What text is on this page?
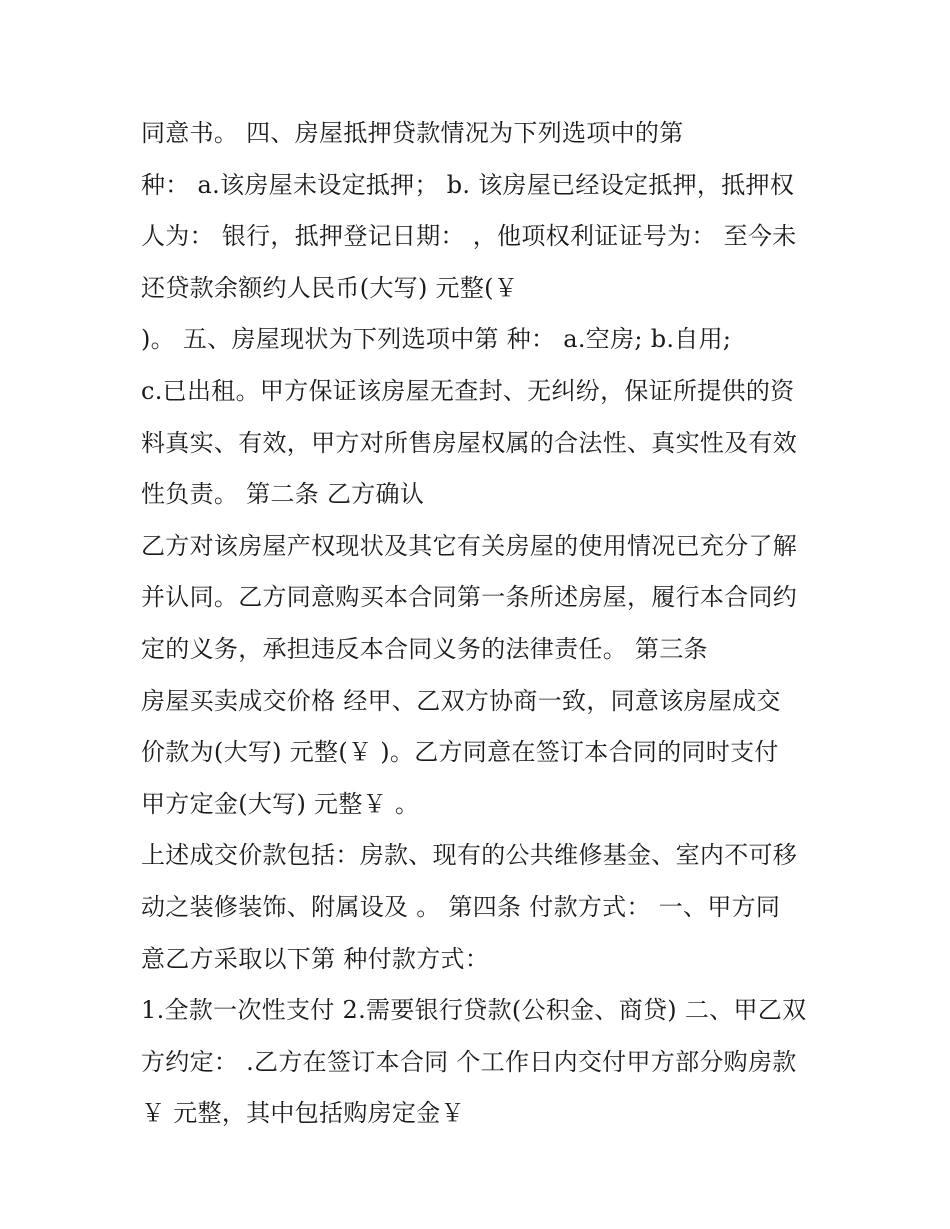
同意书。 四、房屋抵押贷款情况为下列选项中的第
种： a.该房屋未设定抵押； b. 该房屋已经设定抵押，抵押权
人为： 银行，抵押登记日期： ，他项权利证证号为： 至今未
还贷款余额约人民币(大写) 元整(￥
)。 五、房屋现状为下列选项中第 种： a.空房; b.自用;
c.已出租。甲方保证该房屋无查封、无纠纷，保证所提供的资
料真实、有效，甲方对所售房屋权属的合法性、真实性及有效
性负责。 第二条 乙方确认
乙方对该房屋产权现状及其它有关房屋的使用情况已充分了解
并认同。乙方同意购买本合同第一条所述房屋，履行本合同约
定的义务，承担违反本合同义务的法律责任。 第三条
房屋买卖成交价格 经甲、乙双方协商一致，同意该房屋成交
价款为(大写) 元整(￥ )。乙方同意在签订本合同的同时支付
甲方定金(大写) 元整￥ 。
上述成交价款包括：房款、现有的公共维修基金、室内不可移
动之装修装饰、附属设及 。 第四条 付款方式： 一、甲方同
意乙方采取以下第 种付款方式：
1.全款一次性支付 2.需要银行贷款(公积金、商贷) 二、甲乙双
方约定： .乙方在签订本合同 个工作日内交付甲方部分购房款
￥ 元整，其中包括购房定金￥
